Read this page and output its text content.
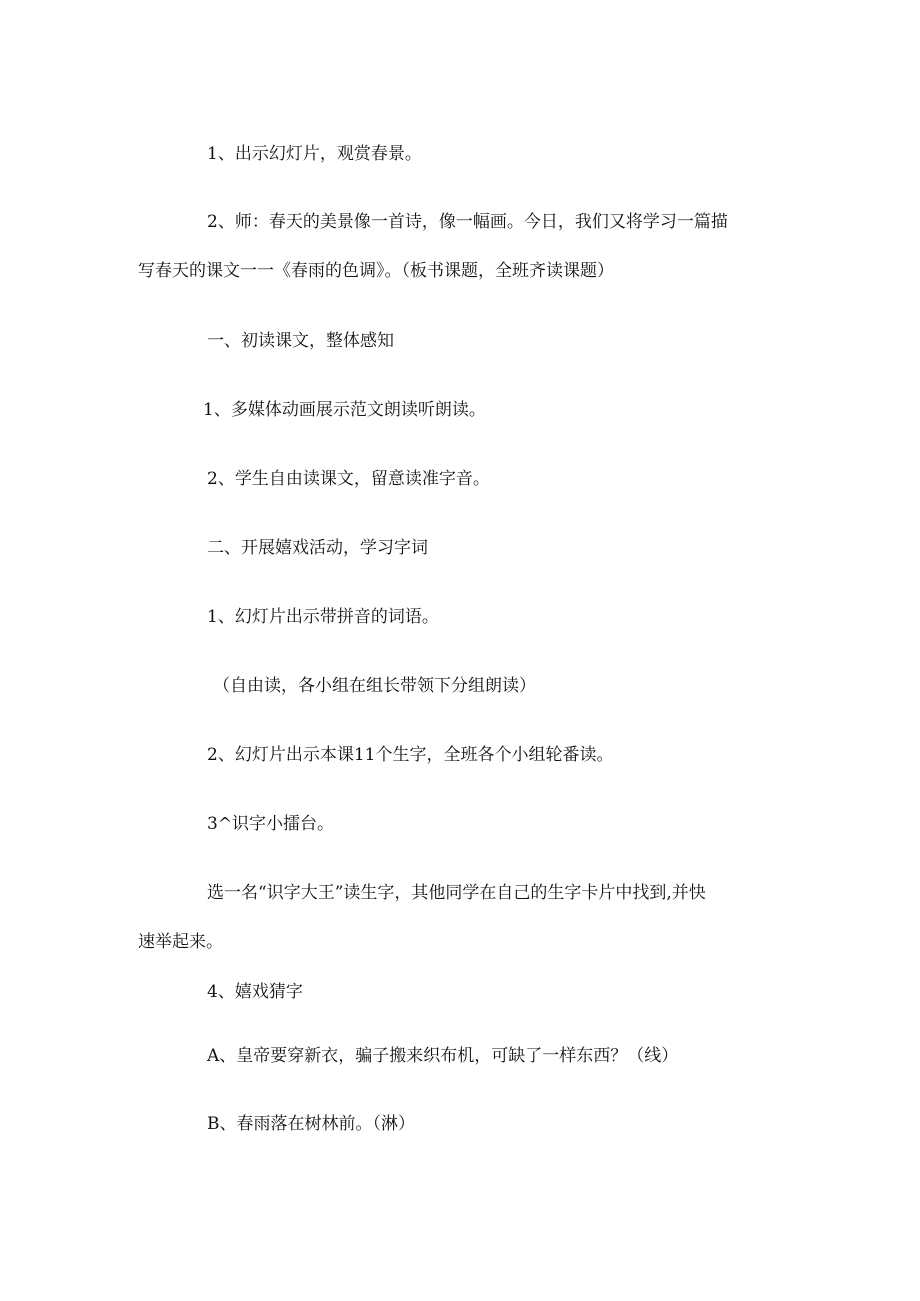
1、出示幻灯片，观赏春景。

2、师：春天的美景像一首诗，像一幅画。今日，我们又将学习一篇描

写春天的课文一一《春雨的色调》。（板书课题，全班齐读课题）

一、初读课文，整体感知

1、多媒体动画展示范文朗读听朗读。

2、学生自由读课文，留意读准字音。

二、开展嬉戏活动，学习字词

1、幻灯片出示带拼音的词语。

（自由读，各小组在组长带领下分组朗读）

2、幻灯片出示本课11个生字，全班各个小组轮番读。

3^识字小擂台。

选一名“识字大王”读生字，其他同学在自己的生字卡片中找到,并快

速举起来。

4、嬉戏猜字

A、皇帝要穿新衣，骗子搬来织布机，可缺了一样东西？（线）

B、春雨落在树林前。（淋）
